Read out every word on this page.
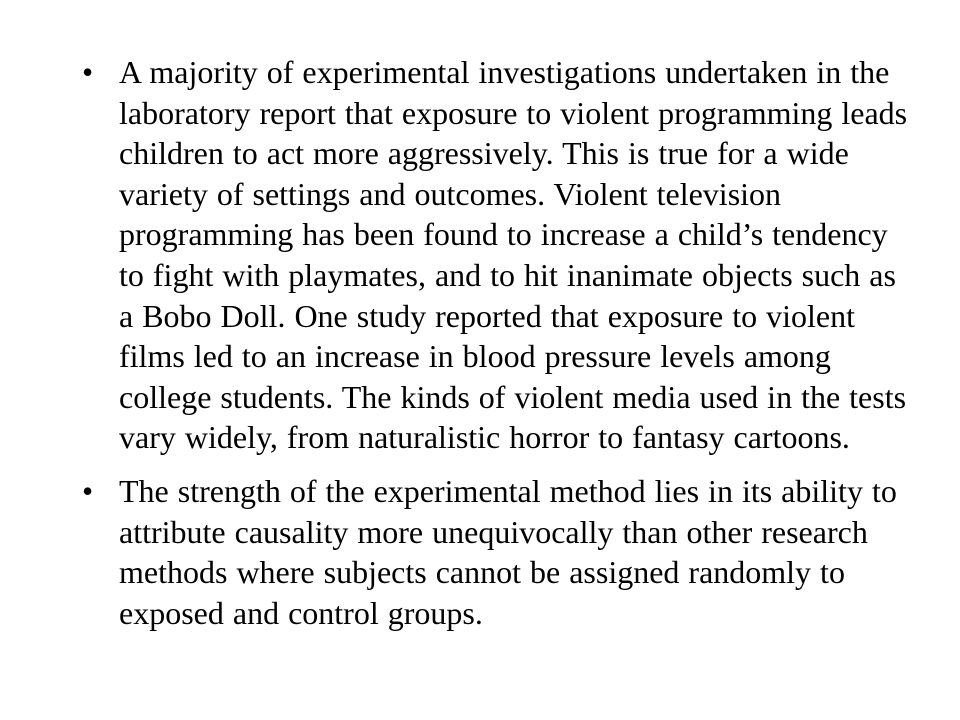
• A majority of experimental investigations undertaken in the laboratory report that exposure to violent programming leads children to act more aggressively. This is true for a wide variety of settings and outcomes. Violent television programming has been found to increase a child’s tendency to fight with playmates, and to hit inanimate objects such as a Bobo Doll. One study reported that exposure to violent films led to an increase in blood pressure levels among college students. The kinds of violent media used in the tests vary widely, from naturalistic horror to fantasy cartoons.
• The strength of the experimental method lies in its ability to attribute causality more unequivocally than other research methods where subjects cannot be assigned randomly to exposed and control groups.
